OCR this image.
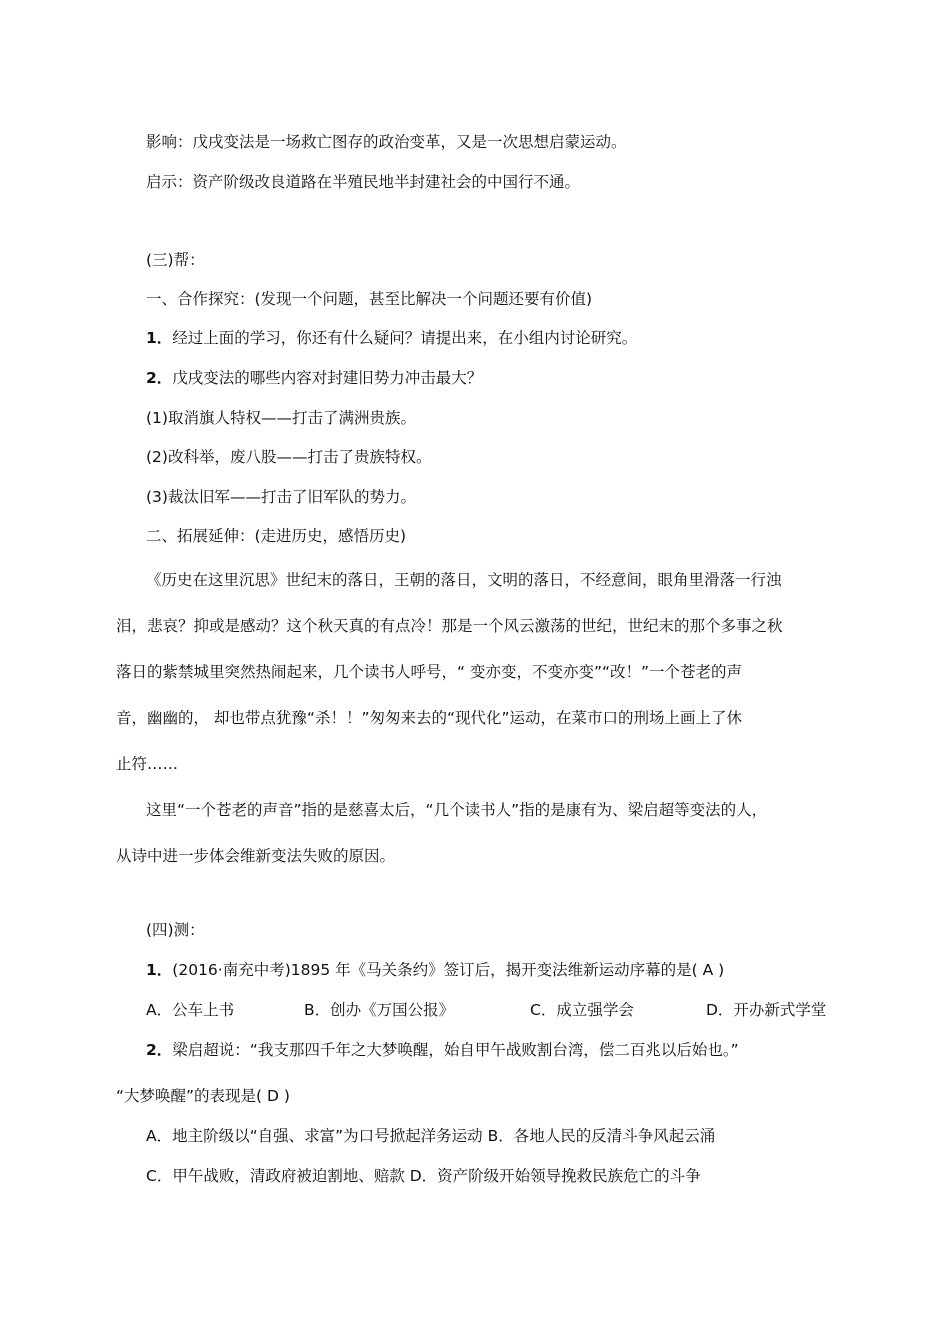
影响：戊戌变法是一场救亡图存的政治变革，又是一次思想启蒙运动。
启示：资产阶级改良道路在半殖民地半封建社会的中国行不通。
(三)帮：
一、合作探究：(发现一个问题，甚至比解决一个问题还要有价值)
1．经过上面的学习，你还有什么疑问？请提出来，在小组内讨论研究。
2．戊戌变法的哪些内容对封建旧势力冲击最大？
(1)取消旗人特权——打击了满洲贵族。
(2)改科举，废八股——打击了贵族特权。
(3)裁汰旧军——打击了旧军队的势力。
二、拓展延伸：(走进历史，感悟历史)
《历史在这里沉思》世纪末的落日，王朝的落日，文明的落日，不经意间，眼角里滑落一行浊
泪，悲哀？抑或是感动？这个秋天真的有点冷！那是一个风云激荡的世纪，世纪末的那个多事之秋
落日的紫禁城里突然热闹起来，几个读书人呼号，“ 变亦变，不变亦变”“改！”一个苍老的声
音，幽幽的， 却也带点犹豫“杀！！”匆匆来去的“现代化”运动，在菜市口的刑场上画上了休
止符……
这里“一个苍老的声音”指的是慈喜太后，“几个读书人”指的是康有为、梁启超等变法的人，
从诗中进一步体会维新变法失败的原因。
(四)测：
1．(2016·南充中考)1895 年《马关条约》签订后，揭开变法维新运动序幕的是( A )
A．公车上书	B．创办《万国公报》	C．成立强学会	D．开办新式学堂
2．梁启超说：“我支那四千年之大梦唤醒，始自甲午战败割台湾，偿二百兆以后始也。”
“大梦唤醒”的表现是( D )
A．地主阶级以“自强、求富”为口号掀起洋务运动 B．各地人民的反清斗争风起云涌
C．甲午战败，清政府被迫割地、赔款 D．资产阶级开始领导挽救民族危亡的斗争
